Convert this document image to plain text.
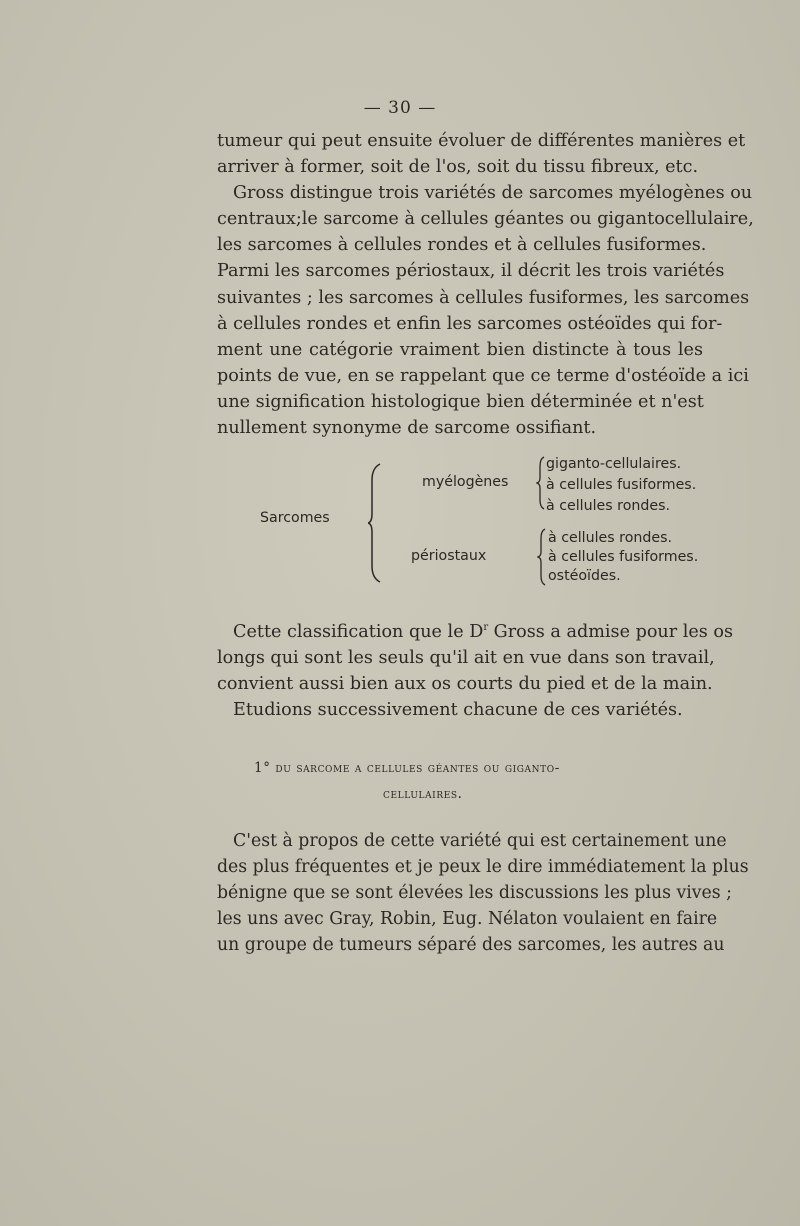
— 30 —
tumeur qui peut ensuite évoluer de différentes manières et
arriver à former, soit de l'os, soit du tissu fibreux, etc.
Gross distingue trois variétés de sarcomes myélogènes ou
centraux;le sarcome à cellules géantes ou gigantocellulaire,
les sarcomes à cellules rondes et à cellules fusiformes.
Parmi les sarcomes périostaux, il décrit les trois variétés
suivantes ; les sarcomes à cellules fusiformes, les sarcomes
à cellules rondes et enfin les sarcomes ostéoïdes qui for-
ment une catégorie vraiment bien distincte à tous les
points de vue, en se rappelant que ce terme d'ostéoïde a ici
une signification histologique bien déterminée et n'est
nullement synonyme de sarcome ossifiant.
Sarcomes
myélogènes
gigantо-cellulaires.
à cellules fusiformes.
à cellules rondes.
périostaux
à cellules rondes.
à cellules fusiformes.
ostéoïdes.
Cette classification que le $D^r$ Gross a admise pour les os
longs qui sont les seuls qu'il ait en vue dans son travail,
convient aussi bien aux os courts du pied et de la main.
Etudions successivement chacune de ces variétés.
1° du sarcome a cellules géantes ou giganto-
cellulaires.
C'est à propos de cette variété qui est certainement une
des plus fréquentes et je peux le dire immédiatement la plus
bénigne que se sont élevées les discussions les plus vives ;
les uns avec Gray, Robin, Eug. Nélaton voulaient en faire
un groupe de tumeurs séparé des sarcomes, les autres au
